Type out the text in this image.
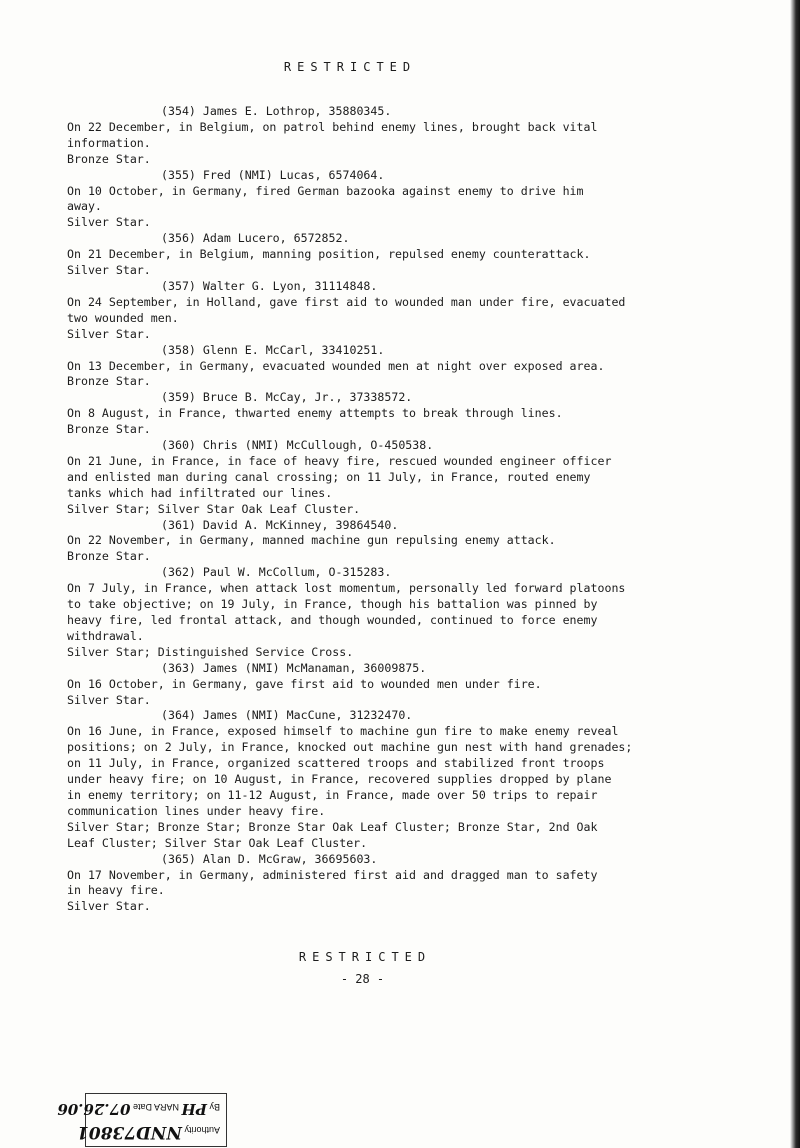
RESTRICTED
(354) James E. Lothrop, 35880345.
On 22 December, in Belgium, on patrol behind enemy lines, brought back vital
information.
Bronze Star.
(355) Fred (NMI) Lucas, 6574064.
On 10 October, in Germany, fired German bazooka against enemy to drive him
away.
Silver Star.
(356) Adam Lucero, 6572852.
On 21 December, in Belgium, manning position, repulsed enemy counterattack.
Silver Star.
(357) Walter G. Lyon, 31114848.
On 24 September, in Holland, gave first aid to wounded man under fire, evacuated
two wounded men.
Silver Star.
(358) Glenn E. McCarl, 33410251.
On 13 December, in Germany, evacuated wounded men at night over exposed area.
Bronze Star.
(359) Bruce B. McCay, Jr., 37338572.
On 8 August, in France, thwarted enemy attempts to break through lines.
Bronze Star.
(360) Chris (NMI) McCullough, O-450538.
On 21 June, in France, in face of heavy fire, rescued wounded engineer officer
and enlisted man during canal crossing; on 11 July, in France, routed enemy
tanks which had infiltrated our lines.
Silver Star; Silver Star Oak Leaf Cluster.
(361) David A. McKinney, 39864540.
On 22 November, in Germany, manned machine gun repulsing enemy attack.
Bronze Star.
(362) Paul W. McCollum, O-315283.
On 7 July, in France, when attack lost momentum, personally led forward platoons
to take objective; on 19 July, in France, though his battalion was pinned by
heavy fire, led frontal attack, and though wounded, continued to force enemy
withdrawal.
Silver Star; Distinguished Service Cross.
(363) James (NMI) McManaman, 36009875.
On 16 October, in Germany, gave first aid to wounded men under fire.
Silver Star.
(364) James (NMI) MacCune, 31232470.
On 16 June, in France, exposed himself to machine gun fire to make enemy reveal
positions; on 2 July, in France, knocked out machine gun nest with hand grenades;
on 11 July, in France, organized scattered troops and stabilized front troops
under heavy fire; on 10 August, in France, recovered supplies dropped by plane
in enemy territory; on 11-12 August, in France, made over 50 trips to repair
communication lines under heavy fire.
Silver Star; Bronze Star; Bronze Star Oak Leaf Cluster; Bronze Star, 2nd Oak
Leaf Cluster; Silver Star Oak Leaf Cluster.
(365) Alan D. McGraw, 36695603.
On 17 November, in Germany, administered first aid and dragged man to safety
in heavy fire.
Silver Star.
RESTRICTED
- 28 -
Authority NND73801
By PH NARA Date 07.26.06
